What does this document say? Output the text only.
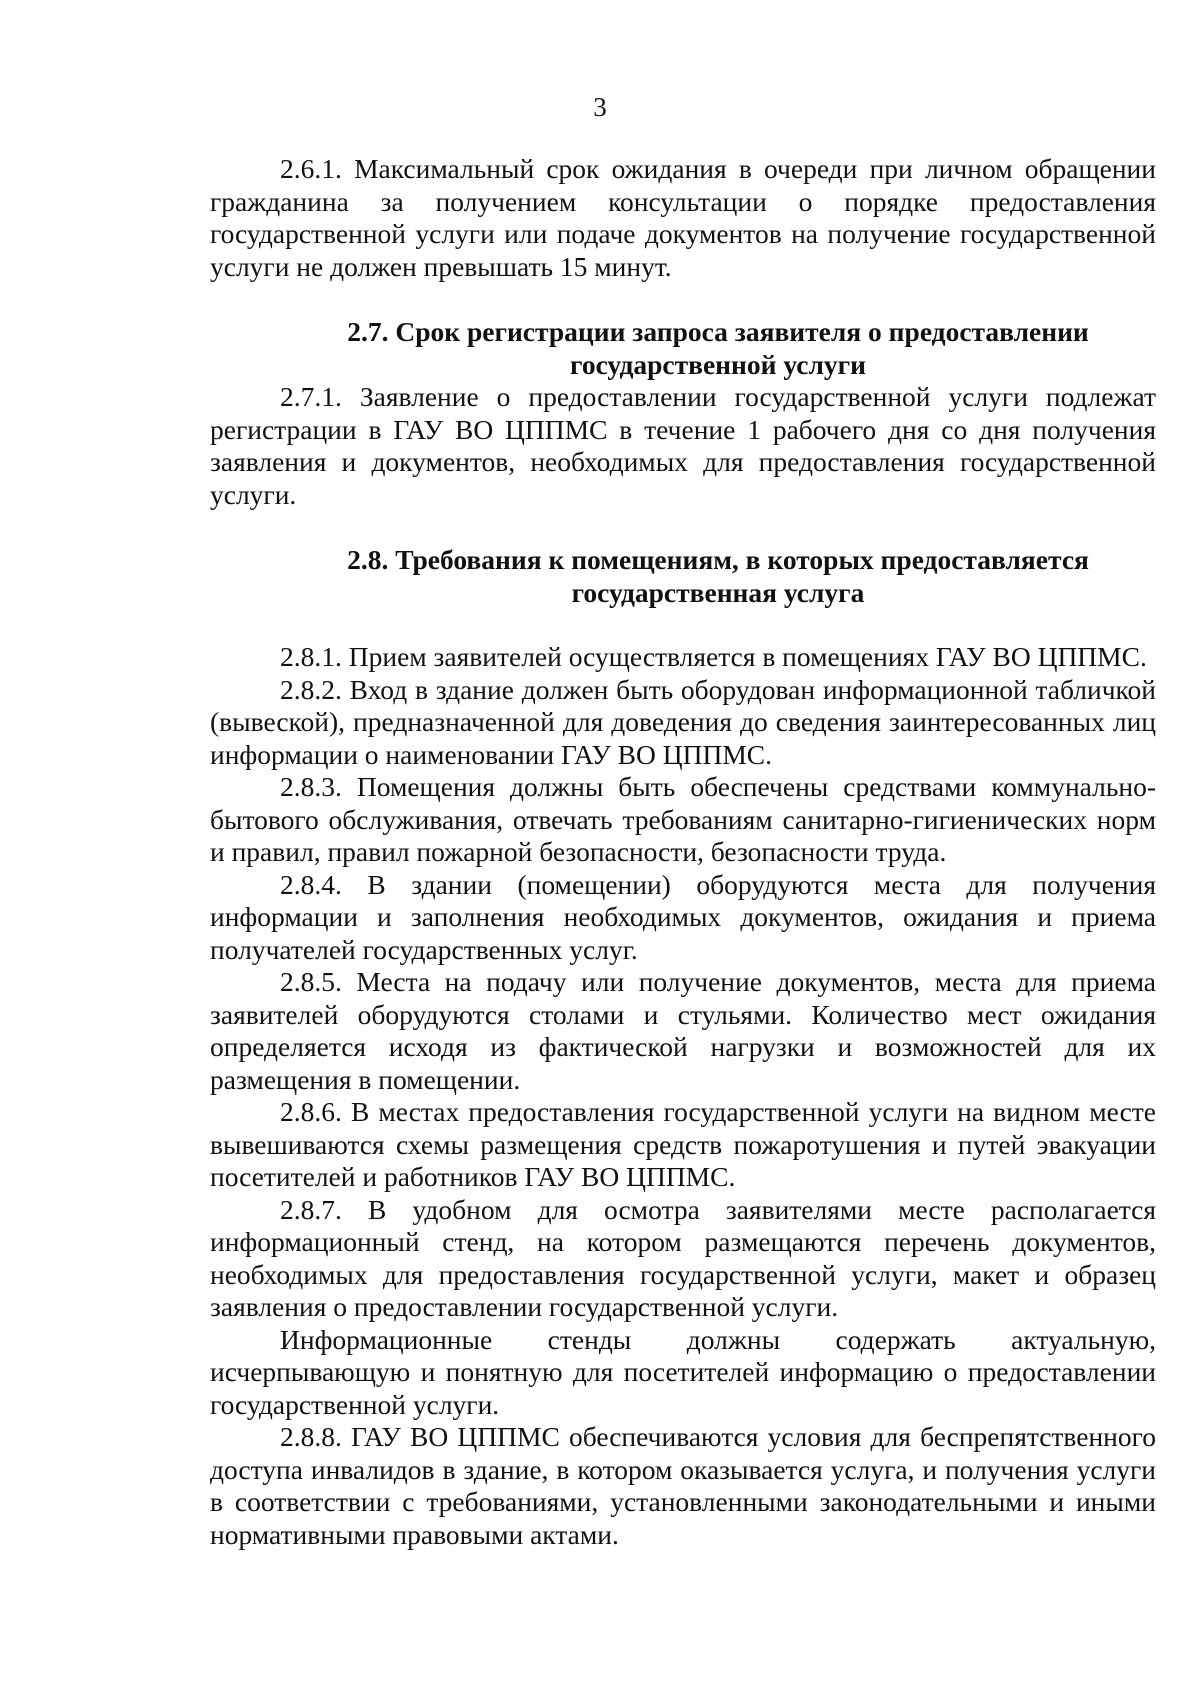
3

2.6.1. Максимальный срок ожидания в очереди при личном обращении гражданина за получением консультации о порядке предоставления государственной услуги или подаче документов на получение государственной услуги не должен превышать 15 минут.

2.7. Срок регистрации запроса заявителя о предоставлении государственной услуги

2.7.1. Заявление о предоставлении государственной услуги подлежат регистрации в ГАУ ВО ЦППМС в течение 1 рабочего дня со дня получения заявления и документов, необходимых для предоставления государственной услуги.

2.8. Требования к помещениям, в которых предоставляется государственная услуга

2.8.1. Прием заявителей осуществляется в помещениях ГАУ ВО ЦППМС.

2.8.2. Вход в здание должен быть оборудован информационной табличкой (вывеской), предназначенной для доведения до сведения заинтересованных лиц информации о наименовании ГАУ ВО ЦППМС.

2.8.3. Помещения должны быть обеспечены средствами коммунально-бытового обслуживания, отвечать требованиям санитарно-гигиенических норм и правил, правил пожарной безопасности, безопасности труда.

2.8.4. В здании (помещении) оборудуются места для получения информации и заполнения необходимых документов, ожидания и приема получателей государственных услуг.

2.8.5. Места на подачу или получение документов, места для приема заявителей оборудуются столами и стульями. Количество мест ожидания определяется исходя из фактической нагрузки и возможностей для их размещения в помещении.

2.8.6. В местах предоставления государственной услуги на видном месте вывешиваются схемы размещения средств пожаротушения и путей эвакуации посетителей и работников ГАУ ВО ЦППМС.

2.8.7. В удобном для осмотра заявителями месте располагается информационный стенд, на котором размещаются перечень документов, необходимых для предоставления государственной услуги, макет и образец заявления о предоставлении государственной услуги.

Информационные стенды должны содержать актуальную, исчерпывающую и понятную для посетителей информацию о предоставлении государственной услуги.

2.8.8. ГАУ ВО ЦППМС обеспечиваются условия для беспрепятственного доступа инвалидов в здание, в котором оказывается услуга, и получения услуги в соответствии с требованиями, установленными законодательными и иными нормативными правовыми актами.
